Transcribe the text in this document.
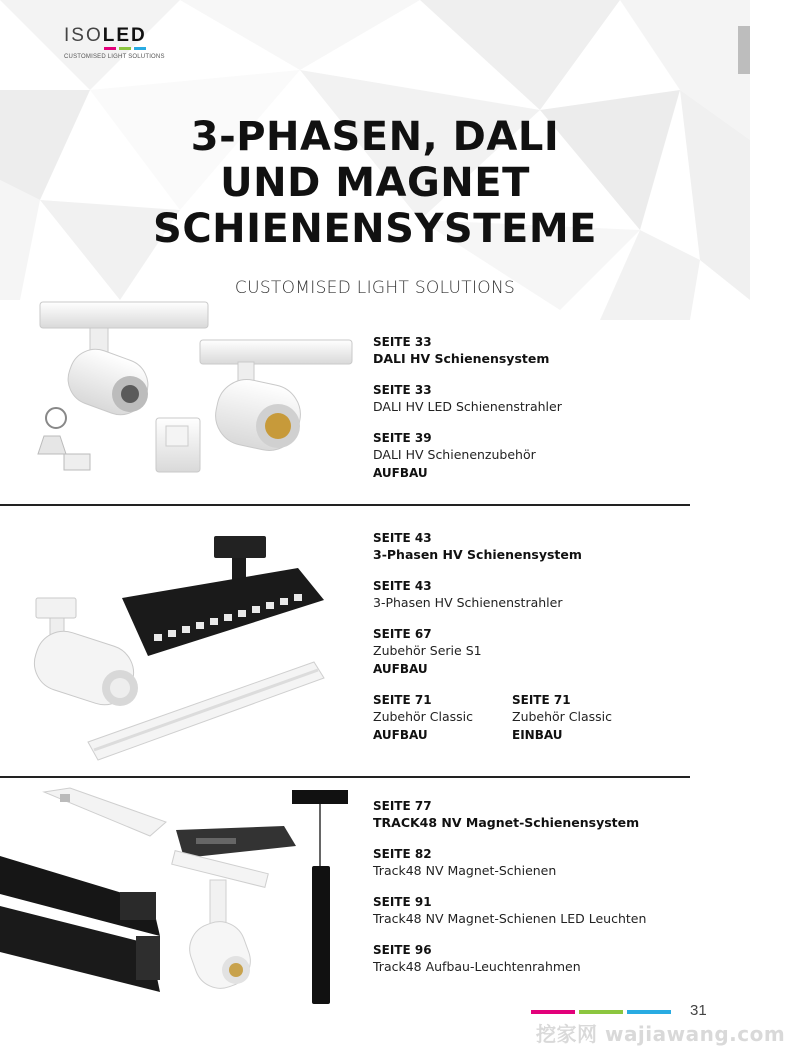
ISOLED
CUSTOMISED LIGHT SOLUTIONS
3-PHASEN, DALI
UND MAGNET
SCHIENENSYSTEME
CUSTOMISED LIGHT SOLUTIONS
SEITE 33
DALI HV Schienensystem
SEITE 33
DALI HV LED Schienenstrahler
SEITE 39
DALI HV Schienenzubehör
AUFBAU
SEITE 43
3-Phasen HV Schienensystem
SEITE 43
3-Phasen HV Schienenstrahler
SEITE 67
Zubehör Serie S1
AUFBAU
SEITE 71
Zubehör Classic
AUFBAU
SEITE 71
Zubehör Classic
EINBAU
SEITE 77
TRACK48 NV Magnet-Schienensystem
SEITE 82
Track48 NV Magnet-Schienen
SEITE 91
Track48 NV Magnet-Schienen LED Leuchten
SEITE 96
Track48 Aufbau-Leuchtenrahmen
31
挖家网 wajiawang.com
